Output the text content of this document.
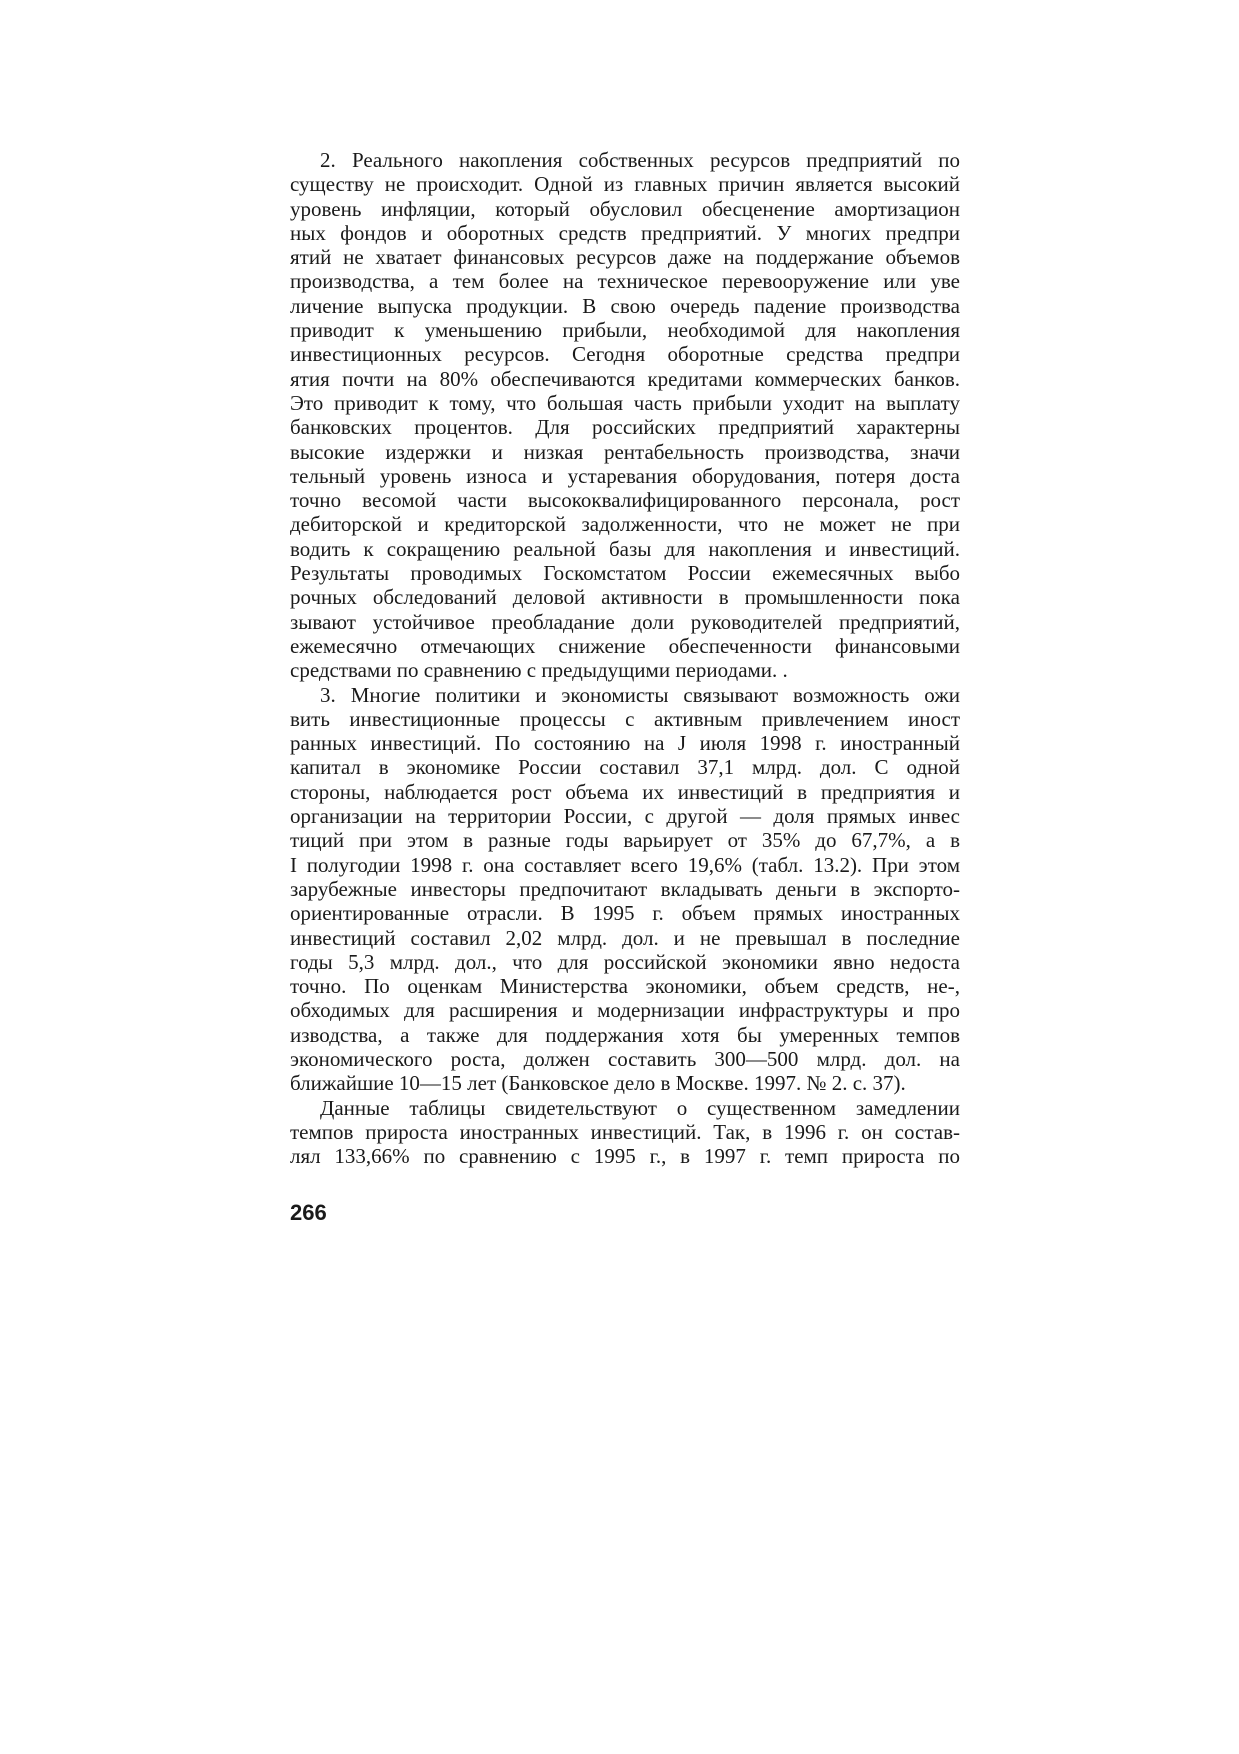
2. Реального накопления собственных ресурсов предприятий по
существу не происходит. Одной из главных причин является высокий
уровень инфляции, который обусловил обесценение амортизацион
ных фондов и оборотных средств предприятий. У многих предпри
ятий не хватает финансовых ресурсов даже на поддержание объемов
производства, а тем более на техническое перевооружение или уве
личение выпуска продукции. В свою очередь падение производства
приводит к уменьшению прибыли, необходимой для накопления
инвестиционных ресурсов. Сегодня оборотные средства предпри
ятия почти на 80% обеспечиваются кредитами коммерческих банков.
Это приводит к тому, что большая часть прибыли уходит на выплату
банковских процентов. Для российских предприятий характерны
высокие издержки и низкая рентабельность производства, значи
тельный уровень износа и устаревания оборудования, потеря доста
точно весомой части высококвалифицированного персонала, рост
дебиторской и кредиторской задолженности, что не может не при
водить к сокращению реальной базы для накопления и инвестиций.
Результаты проводимых Госкомстатом России ежемесячных выбо
рочных обследований деловой активности в промышленности пока
зывают устойчивое преобладание доли руководителей предприятий,
ежемесячно отмечающих снижение обеспеченности финансовыми
средствами по сравнению с предыдущими периодами. .
3. Многие политики и экономисты связывают возможность ожи
вить инвестиционные процессы с активным привлечением иност
ранных инвестиций. По состоянию на J июля 1998 г. иностранный
капитал в экономике России составил 37,1 млрд. дол. С одной
стороны, наблюдается рост объема их инвестиций в предприятия и
организации на территории России, с другой — доля прямых инвес
тиций при этом в разные годы варьирует от 35% до 67,7%, а в
I полугодии 1998 г. она составляет всего 19,6% (табл. 13.2). При этом
зарубежные инвесторы предпочитают вкладывать деньги в экспорто-
ориентированные отрасли. В 1995 г. объем прямых иностранных
инвестиций составил 2,02 млрд. дол. и не превышал в последние
годы 5,3 млрд. дол., что для российской экономики явно недоста
точно. По оценкам Министерства экономики, объем средств, не-,
обходимых для расширения и модернизации инфраструктуры и про
изводства, а также для поддержания хотя бы умеренных темпов
экономического роста, должен составить 300—500 млрд. дол. на
ближайшие 10—15 лет (Банковское дело в Москве. 1997. № 2. с. 37).
Данные таблицы свидетельствуют о существенном замедлении
темпов прироста иностранных инвестиций. Так, в 1996 г. он состав-
лял 133,66% по сравнению с 1995 г., в 1997 г. темп прироста по
266
